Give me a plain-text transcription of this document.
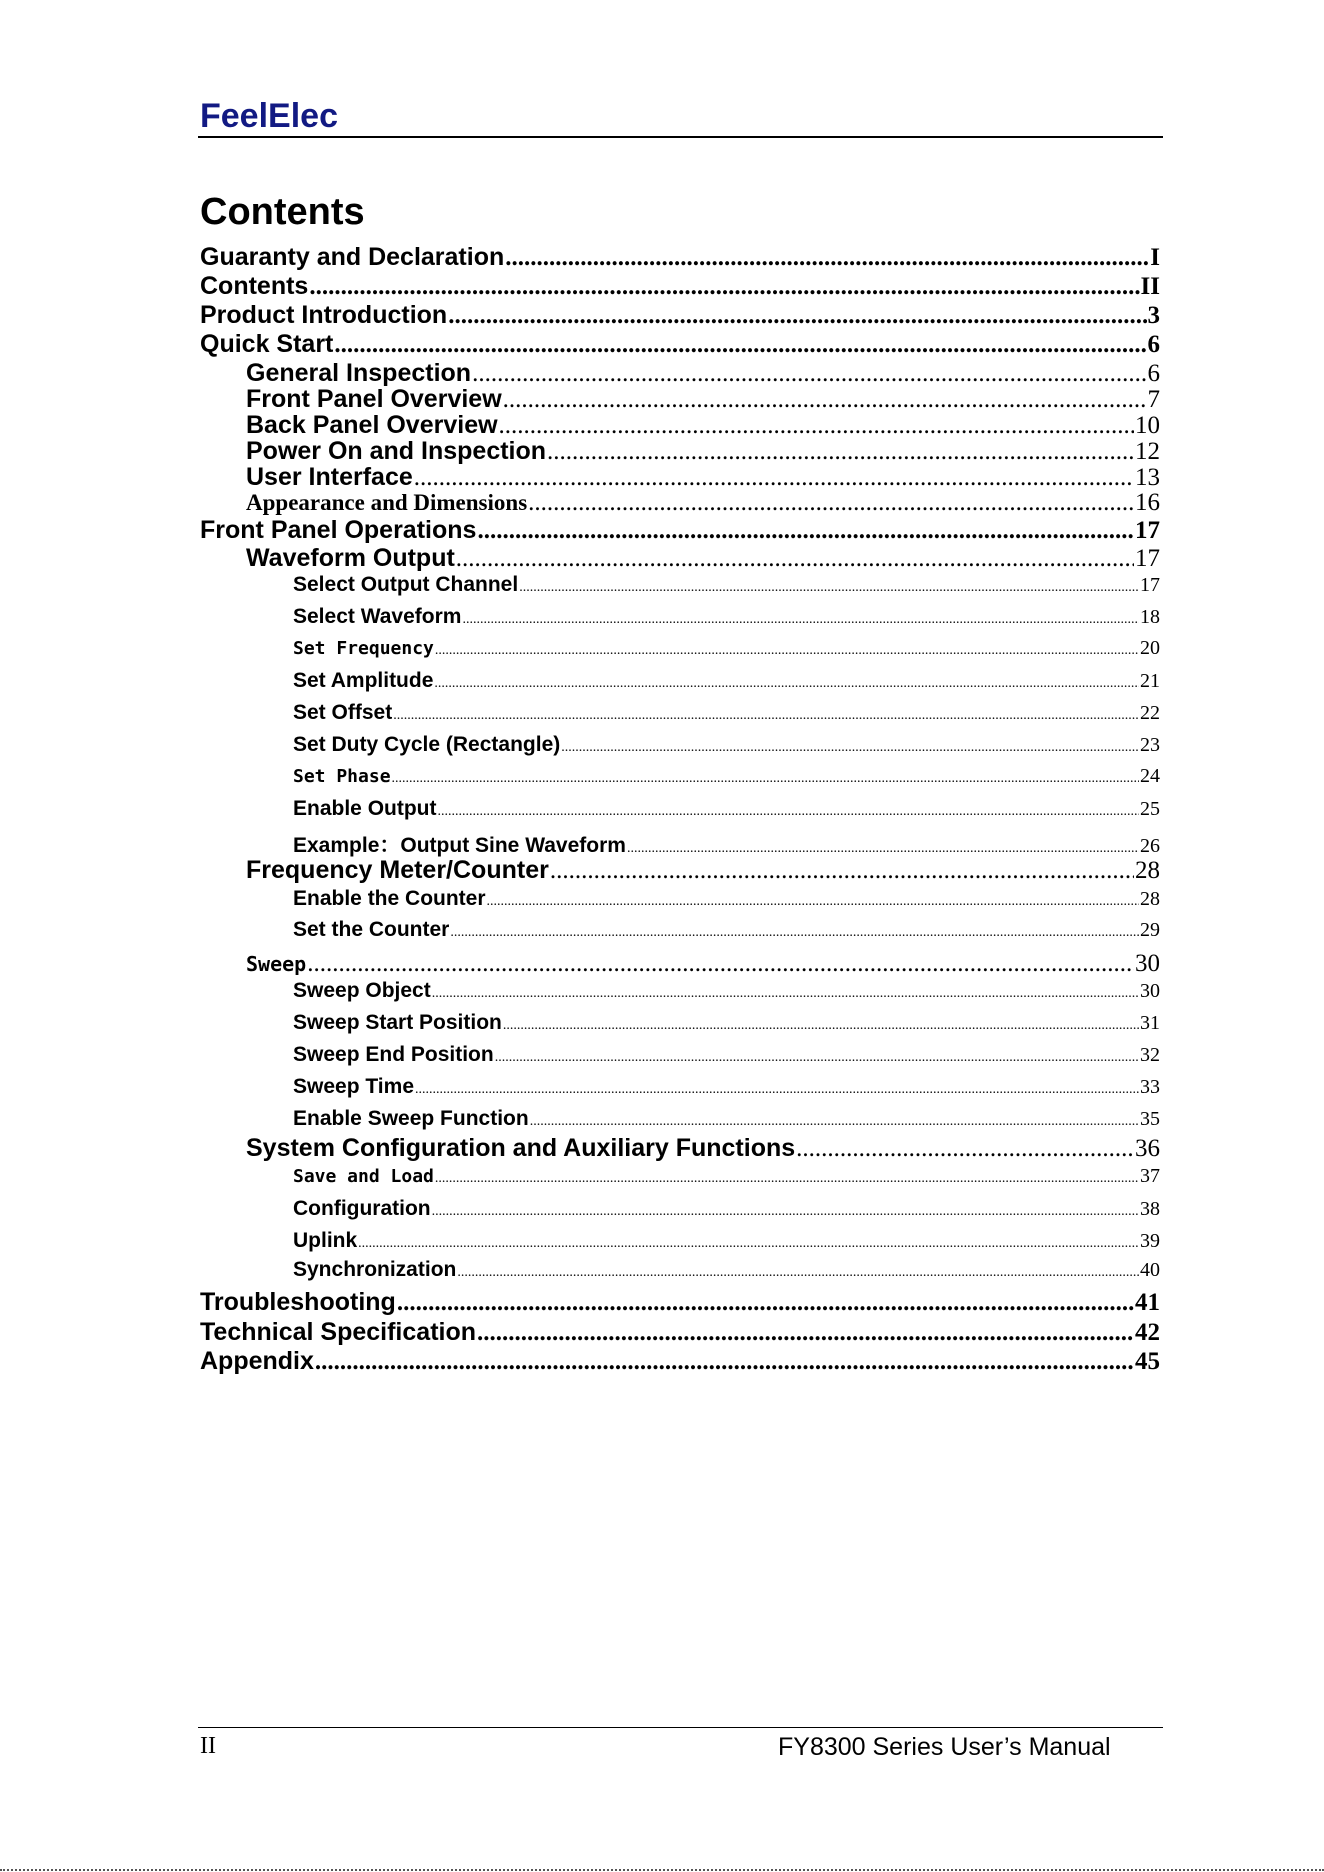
FeelElec
Contents
Guaranty and Declaration .....	I
Contents .....	II
Product Introduction .....	3
Quick Start .....	6
General Inspection .....	6
Front Panel Overview .....	7
Back Panel Overview .....	10
Power On and Inspection .....	12
User Interface .....	13
Appearance and Dimensions .....	16
Front Panel Operations .....	17
Waveform Output .....	17
Select Output Channel .....	17
Select Waveform .....	18
Set Frequency .....	20
Set Amplitude .....	21
Set Offset .....	22
Set Duty Cycle (Rectangle) .....	23
Set Phase .....	24
Enable Output .....	25
Example：Output Sine Waveform .....	26
Frequency Meter/Counter .....	28
Enable the Counter .....	28
Set the Counter .....	29
Sweep .....	30
Sweep Object .....	30
Sweep Start Position .....	31
Sweep End Position .....	32
Sweep Time .....	33
Enable Sweep Function .....	35
System Configuration and Auxiliary Functions .....	36
Save and Load .....	37
Configuration .....	38
Uplink .....	39
Synchronization .....	40
Troubleshooting .....	41
Technical Specification .....	42
Appendix .....	45
II	FY8300 Series User’s Manual
